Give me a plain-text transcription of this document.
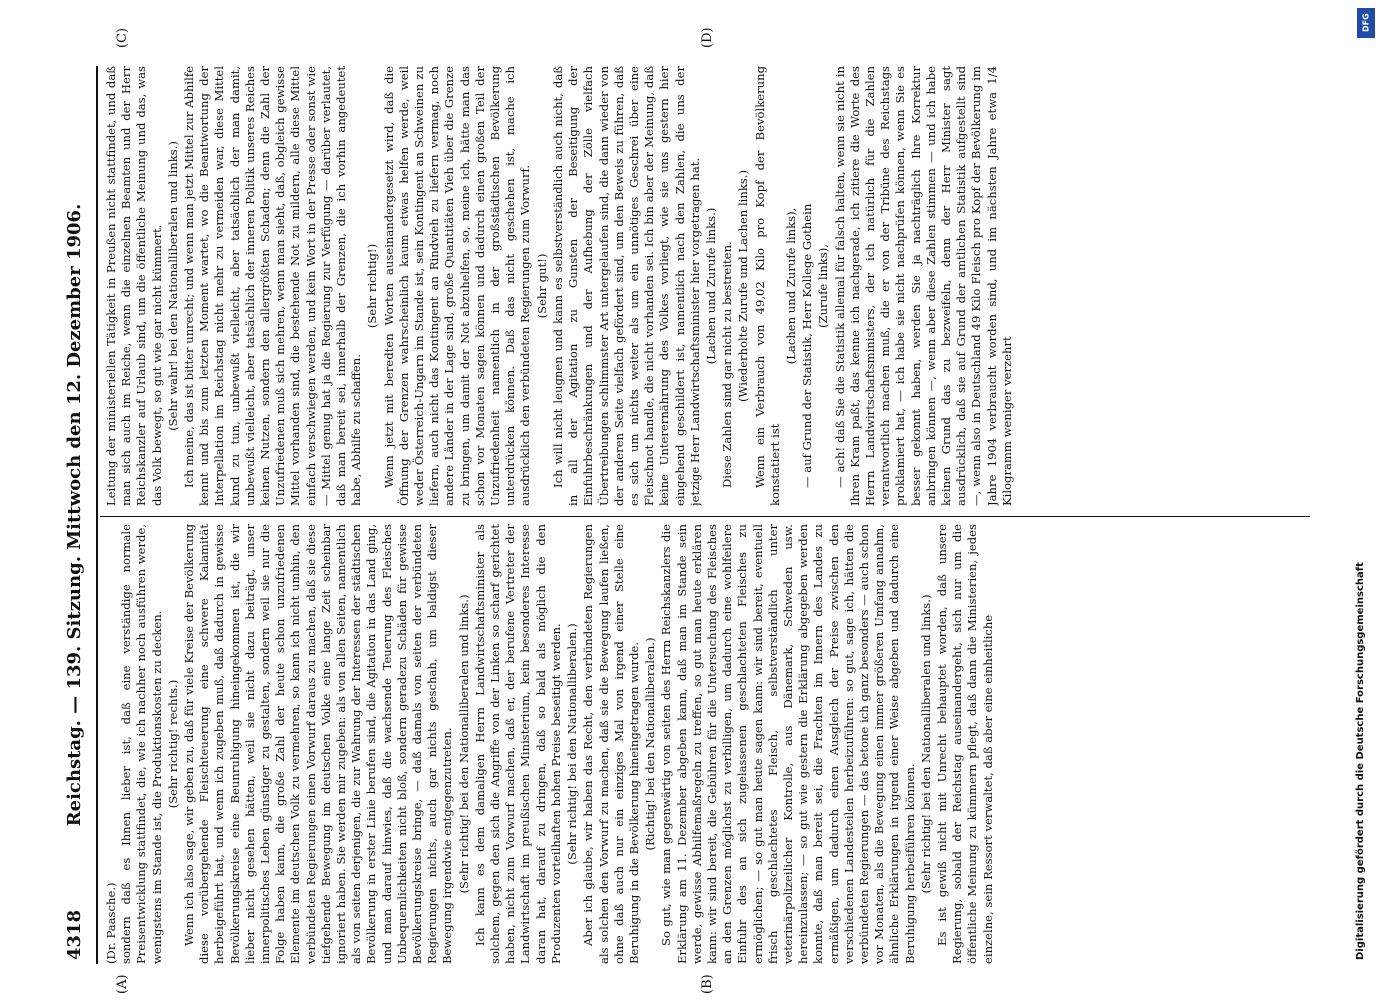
4318
Reichstag. — 139. Sitzung. Mittwoch den 12. Dezember 1906.
(A)	(B)
(C)	(D)

(Dr. Paasche.) sondern daß es Ihnen lieber ist, daß eine verständige normale Preisentwicklung stattfindet, die, wie ich nachher noch ausführen werde, wenigstens im Stande ist, die Produktionskosten zu decken. (Sehr richtig! rechts.) Wenn ich also sage, wir geben zu, daß für viele Kreise der Bevölkerung diese vorübergehende Fleischteuerung eine schwere Kalamität herbeigeführt hat, und wenn ich zugeben muß, daß dadurch in gewisse Bevölkerungskreise eine Beunruhigung hineingekommen ist, die wir lieber nicht gesehen hätten, weil sie nicht dazu beiträgt, unser innerpolitisches Leben günstiger zu gestalten, sondern weil sie nur die Folge haben kann, die große Zahl der heute schon unzufriedenen Elemente im deutschen Volk zu vermehren, so kann ich nicht umhin, den verbündeten Regierungen einen Vorwurf daraus zu machen, daß sie diese tiefgehende Bewegung im deutschen Volke eine lange Zeit scheinbar ignoriert haben. Sie werden mir zugeben: als von allen Seiten, namentlich als von seiten derjenigen, die zur Wahrung der Interessen der städtischen Bevölkerung in erster Linie berufen sind, die Agitation in das Land ging, und man darauf hinwies, daß die wachsende Teuerung des Fleisches Unbequemlichkeiten nicht bloß, sondern geradezu Schäden für gewisse Bevölkerungskreise bringe, — daß damals von seiten der verbündeten Regierungen nichts, auch gar nichts geschah, um baldigst dieser Bewegung irgendwie entgegenzutreten. (Sehr richtig! bei den Nationalliberalen und links.) Ich kann es dem damaligen Herrn Landwirtschaftsminister als solchem, gegen den sich die Angriffe von der Linken so scharf gerichtet haben, nicht zum Vorwurf machen, daß er, der berufene Vertreter der Landwirtschaft im preußischen Ministerium, kein besonderes Interesse daran hat, darauf zu dringen, daß so bald als möglich die den Produzenten vorteilhaften hohen Preise beseitigt werden. (Sehr richtig! bei den Nationalliberalen.) Aber ich glaube, wir haben das Recht, den verbündeten Regierungen als solchen den Vorwurf zu machen, daß sie die Bewegung laufen ließen, ohne daß auch nur ein einziges Mal von irgend einer Stelle eine Beruhigung in die Bevölkerung hineingetragen wurde. (Richtig! bei den Nationalliberalen.) So gut, wie man gegenwärtig von seiten des Herrn Reichskanzlers die Erklärung am 11. Dezember abgeben kann, daß man im Stande sein werde, gewisse Abhilfemaßregeln zu treffen, so gut man heute erklären kann: wir sind bereit, die Gebühren für die Untersuchung des Fleisches an den Grenzen möglichst zu verbilligen, um dadurch eine wohlfeilere Einfuhr des an sich zugelassenen geschlachteten Fleisches zu ermöglichen; — so gut man heute sagen kann: wir sind bereit, eventuell frisch geschlachtetes Fleisch, selbstverständlich unter veterinärpolizeilicher Kontrolle, aus Dänemark, Schweden usw. hereinzulassen; — so gut wie gestern die Erklärung abgegeben werden konnte, daß man bereit sei, die Frachten im Innern des Landes zu ermäßigen, um dadurch einen Ausgleich der Preise zwischen den verschiedenen Landesteilen herbeizuführen: so gut, sage ich, hätten die verbündeten Regierungen — das betone ich ganz besonders — auch schon vor Monaten, als die Bewegung einen immer größeren Umfang annahm, ähnliche Erklärungen in irgend einer Weise abgeben und dadurch eine Beruhigung herbeiführen können. (Sehr richtig! bei den Nationalliberalen und links.) Es ist gewiß nicht mit Unrecht behauptet worden, daß unsere Regierung, sobald der Reichstag auseinandergeht, sich nur um die öffentliche Meinung zu kümmern pflegt, daß dann die Ministerien, jedes einzelne, sein Ressort verwaltet, daß aber eine einheitliche

Leitung der ministeriellen Tätigkeit in Preußen nicht stattfindet, und daß man sich auch im Reiche, wenn die einzelnen Beamten und der Herr Reichskanzler auf Urlaub sind, um die öffentliche Meinung und das, was das Volk bewegt, so gut wie gar nicht kümmert. (Sehr wahr! bei den Nationalliberalen und links.) Ich meine, das ist bitter unrecht; und wenn man jetzt Mittel zur Abhilfe kennt und bis zum letzten Moment wartet, wo die Beantwortung der Interpellation im Reichstag nicht mehr zu vermeiden war, diese Mittel kund zu tun, unbewußt vielleicht, aber tatsächlich der man damit, unbewußt vielleicht, aber tatsächlich der inneren Politik unseres Reiches keinen Nutzen, sondern den allergrößten Schaden; denn die Zahl der Unzufriedenen muß sich mehren, wenn man sieht, daß, obgleich gewisse Mittel vorhanden sind, die bestehende Not zu mildern, alle diese Mittel einfach verschwiegen werden, und kein Wort in der Presse oder sonst wie — Mittel genug hat ja die Regierung zur Verfügung — darüber verlautet, daß man bereit sei, innerhalb der Grenzen, die ich vorhin angedeutet habe, Abhilfe zu schaffen.

(Sehr richtig!) Wenn jetzt mit beredten Worten auseinandergesetzt wird, daß die Öffnung der Grenzen wahrscheinlich kaum etwas helfen werde, weil weder Österreich-Ungarn im Stande ist, sein Kontingent an Schweinen zu liefern, auch nicht das Kontingent an Rindvieh zu liefern vermag, noch andere Länder in der Lage sind, große Quantitäten Vieh über die Grenze zu bringen, um damit der Not abzuhelfen, so, meine ich, hätte man das schon vor Monaten sagen können und dadurch einen großen Teil der Unzufriedenheit namentlich in der großstädtischen Bevölkerung unterdrücken können. Daß das nicht geschehen ist, mache ich ausdrücklich den verbündeten Regierungen zum Vorwurf. (Sehr gut!) Ich will nicht leugnen und kann es selbstverständlich auch nicht, daß in all der Agitation zu Gunsten der Beseitigung der Einfuhrbeschränkungen und der Aufhebung der Zölle vielfach Übertreibungen schlimmster Art untergelaufen sind, die dann wieder von der anderen Seite vielfach gefördert sind, um den Beweis zu führen, daß es sich um nichts weiter als um ein unnötiges Geschrei über eine Fleischnot handle, die nicht vorhanden sei. Ich bin aber der Meinung, daß keine Unterernährung des Volkes vorliegt, wie sie uns gestern hier eingehend geschildert ist, namentlich nach den Zahlen, die uns der jetzige Herr Landwirtschaftsminister hier vorgetragen hat. (Lachen und Zurufe links.) Diese Zahlen sind gar nicht zu bestreiten. (Wiederholte Zurufe und Lachen links.) Wenn ein Verbrauch von 49,02 Kilo pro Kopf der Bevölkerung konstatiert ist

(Lachen und Zurufe links), — auf Grund der Statistik, Herr Kollege Gothein (Zurufe links), — ach! daß Sie die Statistik allemal für falsch halten, wenn sie nicht in Ihren Kram paßt, das kenne ich nachgerade, ich zitiere die Worte des Herrn Landwirtschaftsministers, der ich natürlich für die Zahlen verantwortlich machen muß, die er von der Tribüne des Reichstags proklamiert hat, — ich habe sie nicht nachprüfen können, wenn Sie es besser gekonnt haben, werden Sie ja nachträglich Ihre Korrektur anbringen können —, wenn aber diese Zahlen stimmen — und ich habe keinen Grund das zu bezweifeln, denn der Herr Minister sagt ausdrücklich, daß sie auf Grund der amtlichen Statistik aufgestellt sind —, wenn also in Deutschland 49 Kilo Fleisch pro Kopf der Bevölkerung im Jahre 1904 verbraucht worden sind, und im nächsten Jahre etwa 1/4 Kilogramm weniger verzehrt

Digitalisierung gefördert durch die Deutsche Forschungsgemeinschaft
DFG
